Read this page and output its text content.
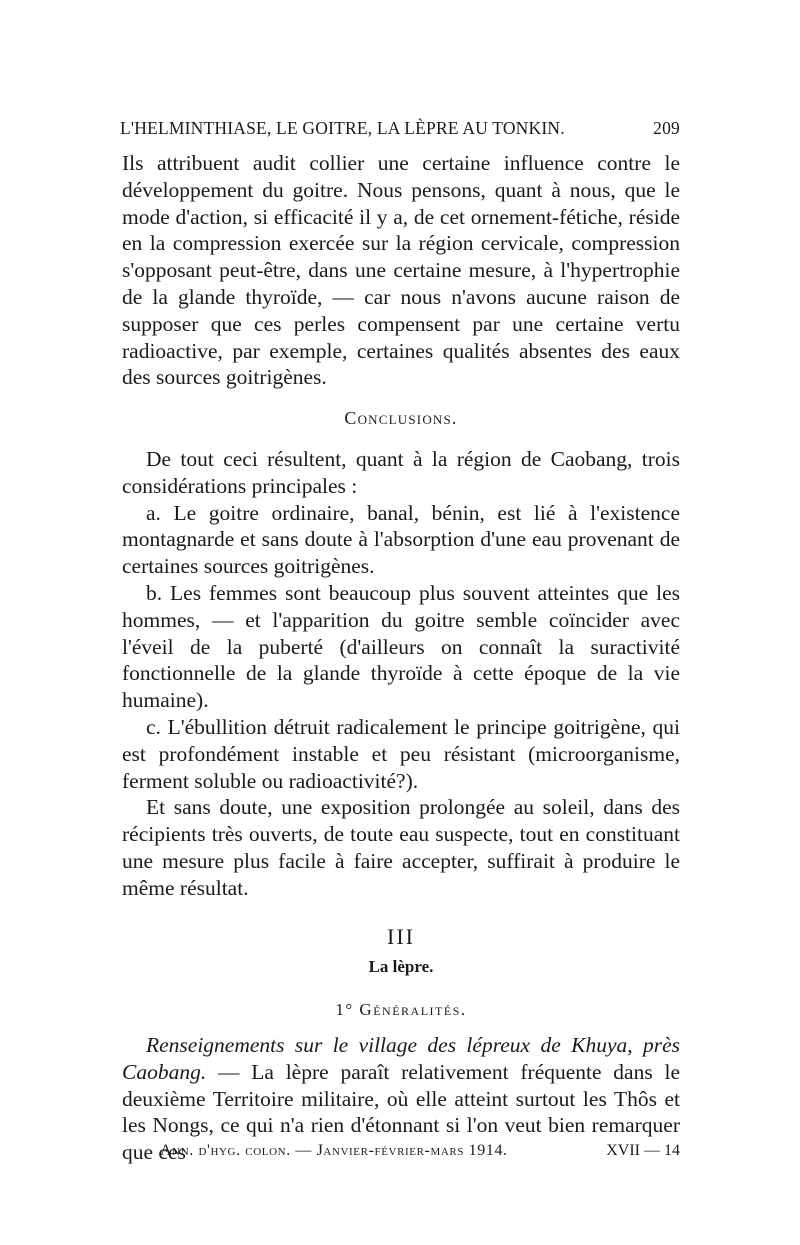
L'HELMINTHIASE, LE GOITRE, LA LÈPRE AU TONKIN.	209

Ils attribuent audit collier une certaine influence contre le développement du goitre. Nous pensons, quant à nous, que le mode d'action, si efficacité il y a, de cet ornement-fétiche, réside en la compression exercée sur la région cervicale, compression s'opposant peut-être, dans une certaine mesure, à l'hypertrophie de la glande thyroïde, — car nous n'avons aucune raison de supposer que ces perles compensent par une certaine vertu radioactive, par exemple, certaines qualités absentes des eaux des sources goitrigènes.

Conclusions.

De tout ceci résultent, quant à la région de Caobang, trois considérations principales :

a. Le goitre ordinaire, banal, bénin, est lié à l'existence montagnarde et sans doute à l'absorption d'une eau provenant de certaines sources goitrigènes.

b. Les femmes sont beaucoup plus souvent atteintes que les hommes, — et l'apparition du goitre semble coïncider avec l'éveil de la puberté (d'ailleurs on connaît la suractivité fonctionnelle de la glande thyroïde à cette époque de la vie humaine).

c. L'ébullition détruit radicalement le principe goitrigène, qui est profondément instable et peu résistant (microorganisme, ferment soluble ou radioactivité?).

Et sans doute, une exposition prolongée au soleil, dans des récipients très ouverts, de toute eau suspecte, tout en constituant une mesure plus facile à faire accepter, suffirait à produire le même résultat.

III
La lèpre.
1° Généralités.

Renseignements sur le village des lépreux de Khuya, près Caobang. — La lèpre paraît relativement fréquente dans le deuxième Territoire militaire, où elle atteint surtout les Thôs et les Nongs, ce qui n'a rien d'étonnant si l'on veut bien remarquer que ces

Ann. d'hyg. colon. — Janvier-février-mars 1914.	XVII — 14
